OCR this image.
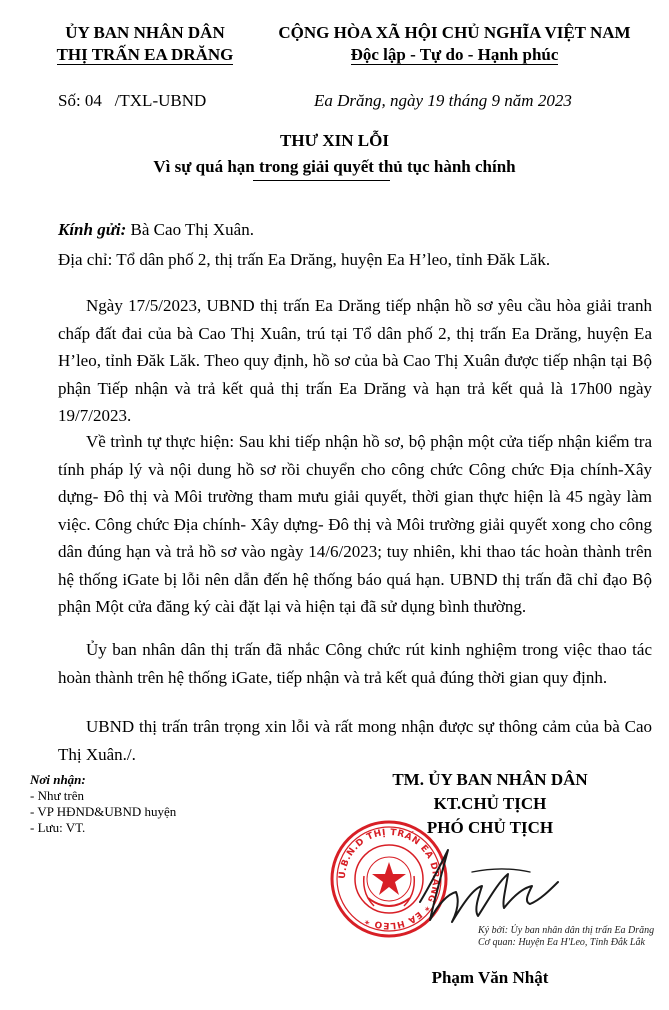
ỦY BAN NHÂN DÂN
THỊ TRẤN EA DRĂNG
CỘNG HÒA XÃ HỘI CHỦ NGHĨA VIỆT NAM
Độc lập - Tự do - Hạnh phúc
Số: 04   /TXL-UBND	Ea Drăng, ngày 19 tháng 9 năm 2023
THƯ XIN LỖI
Vì sự quá hạn trong giải quyết thủ tục hành chính
Kính gửi: Bà Cao Thị Xuân.
Địa chỉ: Tổ dân phố 2, thị trấn Ea Drăng, huyện Ea H’leo, tỉnh Đăk Lăk.

Ngày 17/5/2023, UBND thị trấn Ea Drăng tiếp nhận hồ sơ yêu cầu hòa giải tranh chấp đất đai của bà Cao Thị Xuân, trú tại Tổ dân phố 2, thị trấn Ea Drăng, huyện Ea H’leo, tỉnh Đăk Lăk. Theo quy định, hồ sơ của bà Cao Thị Xuân được tiếp nhận tại Bộ phận Tiếp nhận và trả kết quả thị trấn Ea Drăng và hạn trả kết quả là 17h00 ngày 19/7/2023.

Về trình tự thực hiện: Sau khi tiếp nhận hồ sơ, bộ phận một cửa tiếp nhận kiểm tra tính pháp lý và nội dung hồ sơ rồi chuyển cho công chức Công chức Địa chính-Xây dựng- Đô thị và Môi trường tham mưu giải quyết, thời gian thực hiện là 45 ngày làm việc. Công chức Địa chính- Xây dựng- Đô thị và Môi trường giải quyết xong cho công dân đúng hạn và trả hồ sơ vào ngày 14/6/2023; tuy nhiên, khi thao tác hoàn thành trên hệ thống iGate bị lỗi nên dẫn đến hệ thống báo quá hạn. UBND thị trấn đã chỉ đạo Bộ phận Một cửa đăng ký cài đặt lại và hiện tại đã sử dụng bình thường.

Ủy ban nhân dân thị trấn đã nhắc Công chức rút kinh nghiệm trong việc thao tác hoàn thành trên hệ thống iGate, tiếp nhận và trả kết quả đúng thời gian quy định.

UBND thị trấn trân trọng xin lỗi và rất mong nhận được sự thông cảm của bà Cao Thị Xuân./.

Nơi nhận:
- Như trên
- VP HĐND&UBND huyện
- Lưu: VT.
TM. ỦY BAN NHÂN DÂN
KT.CHỦ TỊCH
PHÓ CHỦ TỊCH
U.B.N.D THỊ TRẤN EA DRĂNG * EA HLEO *
Ký bởi: Ủy ban nhân dân thị trấn Ea Drăng
Cơ quan: Huyện Ea H'Leo, Tỉnh Đắk Lắk
Phạm Văn Nhật
